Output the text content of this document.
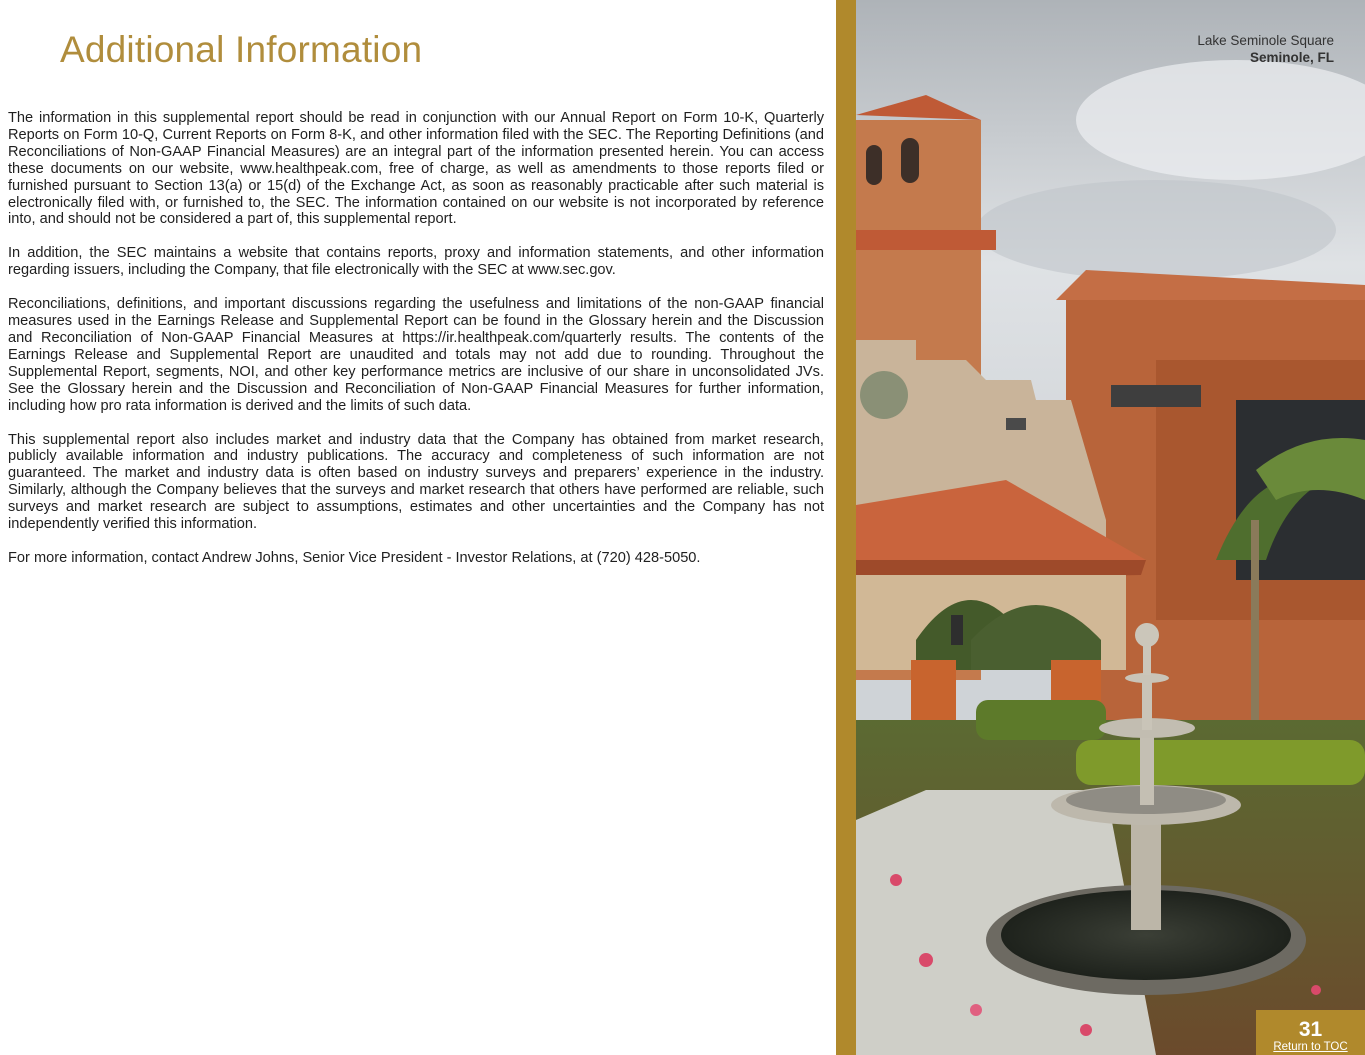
Additional Information

The information in this supplemental report should be read in conjunction with our Annual Report on Form 10-K, Quarterly Reports on Form 10-Q, Current Reports on Form 8-K, and other information filed with the SEC. The Reporting Definitions (and Reconciliations of Non-GAAP Financial Measures) are an integral part of the information presented herein. You can access these documents on our website, www.healthpeak.com, free of charge, as well as amendments to those reports filed or furnished pursuant to Section 13(a) or 15(d) of the Exchange Act, as soon as reasonably practicable after such material is electronically filed with, or furnished to, the SEC. The information contained on our website is not incorporated by reference into, and should not be considered a part of, this supplemental report.

In addition, the SEC maintains a website that contains reports, proxy and information statements, and other information regarding issuers, including the Company, that file electronically with the SEC at www.sec.gov.

Reconciliations, definitions, and important discussions regarding the usefulness and limitations of the non-GAAP financial measures used in the Earnings Release and Supplemental Report can be found in the Glossary herein and the Discussion and Reconciliation of Non-GAAP Financial Measures at https://ir.healthpeak.com/quarterly results. The contents of the Earnings Release and Supplemental Report are unaudited and totals may not add due to rounding. Throughout the Supplemental Report, segments, NOI, and other key performance metrics are inclusive of our share in unconsolidated JVs. See the Glossary herein and the Discussion and Reconciliation of Non-GAAP Financial Measures for further information, including how pro rata information is derived and the limits of such data.

This supplemental report also includes market and industry data that the Company has obtained from market research, publicly available information and industry publications. The accuracy and completeness of such information are not guaranteed. The market and industry data is often based on industry surveys and preparers’ experience in the industry. Similarly, although the Company believes that the surveys and market research that others have performed are reliable, such surveys and market research are subject to assumptions, estimates and other uncertainties and the Company has not independently verified this information.

For more information, contact Andrew Johns, Senior Vice President - Investor Relations, at (720) 428-5050.

Lake Seminole Square
Seminole, FL
31
Return to TOC
